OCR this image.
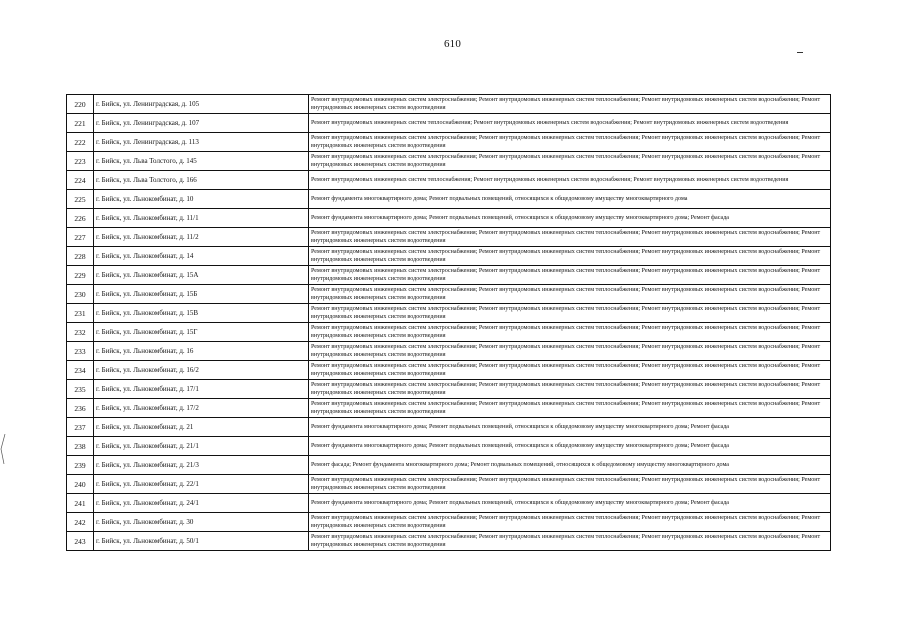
610
220	г. Бийск, ул. Ленинградская, д. 105	Ремонт внутридомовых инженерных систем электроснабжения; Ремонт внутридомовых инженерных систем теплоснабжения; Ремонт внутридомовых инженерных систем водоснабжения; Ремонт внутридомовых инженерных систем водоотведения
221	г. Бийск, ул. Ленинградская, д. 107	Ремонт внутридомовых инженерных систем теплоснабжения; Ремонт внутридомовых инженерных систем водоснабжения; Ремонт внутридомовых инженерных систем водоотведения
222	г. Бийск, ул. Ленинградская, д. 113	Ремонт внутридомовых инженерных систем электроснабжения; Ремонт внутридомовых инженерных систем теплоснабжения; Ремонт внутридомовых инженерных систем водоснабжения; Ремонт внутридомовых инженерных систем водоотведения
223	г. Бийск, ул. Льва Толстого, д. 145	Ремонт внутридомовых инженерных систем электроснабжения; Ремонт внутридомовых инженерных систем теплоснабжения; Ремонт внутридомовых инженерных систем водоснабжения; Ремонт внутридомовых инженерных систем водоотведения
224	г. Бийск, ул. Льва Толстого, д. 166	Ремонт внутридомовых инженерных систем теплоснабжения; Ремонт внутридомовых инженерных систем водоснабжения; Ремонт внутридомовых инженерных систем водоотведения
225	г. Бийск, ул. Льнокомбинат, д. 10	Ремонт фундамента многоквартирного дома; Ремонт подвальных помещений, относящихся к общедомовому имуществу многоквартирного дома
226	г. Бийск, ул. Льнокомбинат, д. 11/1	Ремонт фундамента многоквартирного дома; Ремонт подвальных помещений, относящихся к общедомовому имуществу многоквартирного дома; Ремонт фасада
227	г. Бийск, ул. Льнокомбинат, д. 11/2	Ремонт внутридомовых инженерных систем электроснабжения; Ремонт внутридомовых инженерных систем теплоснабжения; Ремонт внутридомовых инженерных систем водоснабжения; Ремонт внутридомовых инженерных систем водоотведения
228	г. Бийск, ул. Льнокомбинат, д. 14	Ремонт внутридомовых инженерных систем электроснабжения; Ремонт внутридомовых инженерных систем теплоснабжения; Ремонт внутридомовых инженерных систем водоснабжения; Ремонт внутридомовых инженерных систем водоотведения
229	г. Бийск, ул. Льнокомбинат, д. 15А	Ремонт внутридомовых инженерных систем электроснабжения; Ремонт внутридомовых инженерных систем теплоснабжения; Ремонт внутридомовых инженерных систем водоснабжения; Ремонт внутридомовых инженерных систем водоотведения
230	г. Бийск, ул. Льнокомбинат, д. 15Б	Ремонт внутридомовых инженерных систем электроснабжения; Ремонт внутридомовых инженерных систем теплоснабжения; Ремонт внутридомовых инженерных систем водоснабжения; Ремонт внутридомовых инженерных систем водоотведения
231	г. Бийск, ул. Льнокомбинат, д. 15В	Ремонт внутридомовых инженерных систем электроснабжения; Ремонт внутридомовых инженерных систем теплоснабжения; Ремонт внутридомовых инженерных систем водоснабжения; Ремонт внутридомовых инженерных систем водоотведения
232	г. Бийск, ул. Льнокомбинат, д. 15Г	Ремонт внутридомовых инженерных систем электроснабжения; Ремонт внутридомовых инженерных систем теплоснабжения; Ремонт внутридомовых инженерных систем водоснабжения; Ремонт внутридомовых инженерных систем водоотведения
233	г. Бийск, ул. Льнокомбинат, д. 16	Ремонт внутридомовых инженерных систем электроснабжения; Ремонт внутридомовых инженерных систем теплоснабжения; Ремонт внутридомовых инженерных систем водоснабжения; Ремонт внутридомовых инженерных систем водоотведения
234	г. Бийск, ул. Льнокомбинат, д. 16/2	Ремонт внутридомовых инженерных систем электроснабжения; Ремонт внутридомовых инженерных систем теплоснабжения; Ремонт внутридомовых инженерных систем водоснабжения; Ремонт внутридомовых инженерных систем водоотведения
235	г. Бийск, ул. Льнокомбинат, д. 17/1	Ремонт внутридомовых инженерных систем электроснабжения; Ремонт внутридомовых инженерных систем теплоснабжения; Ремонт внутридомовых инженерных систем водоснабжения; Ремонт внутридомовых инженерных систем водоотведения
236	г. Бийск, ул. Льнокомбинат, д. 17/2	Ремонт внутридомовых инженерных систем электроснабжения; Ремонт внутридомовых инженерных систем теплоснабжения; Ремонт внутридомовых инженерных систем водоснабжения; Ремонт внутридомовых инженерных систем водоотведения
237	г. Бийск, ул. Льнокомбинат, д. 21	Ремонт фундамента многоквартирного дома; Ремонт подвальных помещений, относящихся к общедомовому имуществу многоквартирного дома; Ремонт фасада
238	г. Бийск, ул. Льнокомбинат, д. 21/1	Ремонт фундамента многоквартирного дома; Ремонт подвальных помещений, относящихся к общедомовому имуществу многоквартирного дома; Ремонт фасада
239	г. Бийск, ул. Льнокомбинат, д. 21/3	Ремонт фасада; Ремонт фундамента многоквартирного дома; Ремонт подвальных помещений, относящихся к общедомовому имуществу многоквартирного дома
240	г. Бийск, ул. Льнокомбинат, д. 22/1	Ремонт внутридомовых инженерных систем электроснабжения; Ремонт внутридомовых инженерных систем теплоснабжения; Ремонт внутридомовых инженерных систем водоснабжения; Ремонт внутридомовых инженерных систем водоотведения
241	г. Бийск, ул. Льнокомбинат, д. 24/1	Ремонт фундамента многоквартирного дома; Ремонт подвальных помещений, относящихся к общедомовому имуществу многоквартирного дома; Ремонт фасада
242	г. Бийск, ул. Льнокомбинат, д. 30	Ремонт внутридомовых инженерных систем электроснабжения; Ремонт внутридомовых инженерных систем теплоснабжения; Ремонт внутридомовых инженерных систем водоснабжения; Ремонт внутридомовых инженерных систем водоотведения
243	г. Бийск, ул. Льнокомбинат, д. 50/1	Ремонт внутридомовых инженерных систем электроснабжения; Ремонт внутридомовых инженерных систем теплоснабжения; Ремонт внутридомовых инженерных систем водоснабжения; Ремонт внутридомовых инженерных систем водоотведения
